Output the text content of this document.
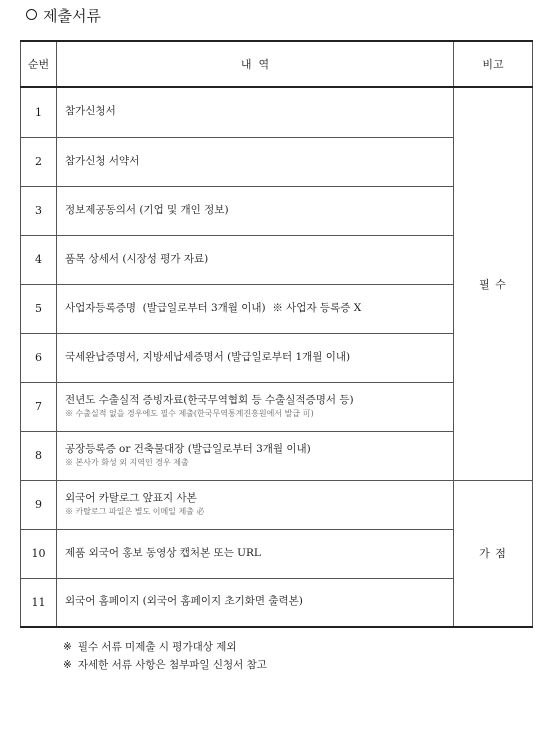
제출서류
순번	내  역	비고
1	참가신청서	필 수
2	참가신청 서약서	
3	정보제공동의서 (기업 및 개인 정보)	
4	품목 상세서 (시장성 평가 자료)	
5	사업자등록증명  (발급일로부터 3개월 이내)  ※ 사업자 등록증 X	
6	국세완납증명서, 지방세납세증명서 (발급일로부터 1개월 이내)	
7	전년도 수출실적 증빙자료(한국무역협회 등 수출실적증명서 등)
※ 수출실적 없을 경우에도 필수 제출(한국무역통계진흥원에서 발급 可)	

8	공장등록증 or 건축물대장 (발급일로부터 3개월 이내)
※ 본사가 화성 외 지역인 경우 제출	

9	외국어 카탈로그 앞표지 사본
※ 카탈로그 파일은 별도 이메일 제출 必	가 점
10	제품 외국어 홍보 동영상 캡처본 또는 URL	
11	외국어 홈페이지 (외국어 홈페이지 초기화면 출력본)	
※ 필수 서류 미제출 시 평가대상 제외
※ 자세한 서류 사항은 첨부파일 신청서 참고
